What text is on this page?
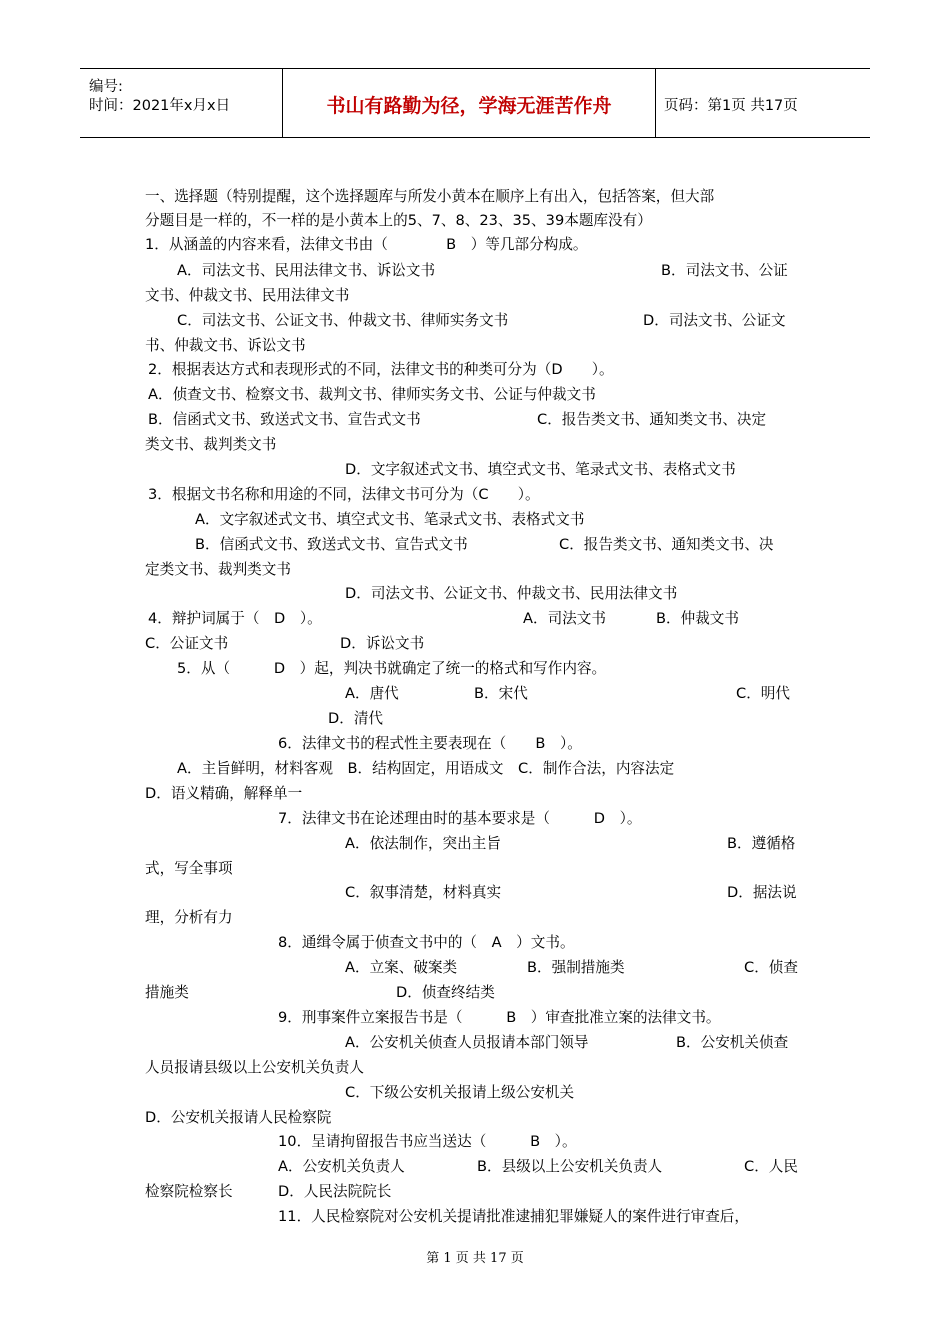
编号:
时间：2021年x月x日	书山有路勤为径，学海无涯苦作舟	页码：第1页 共17页
一、选择题（特别提醒，这个选择题库与所发小黄本在顺序上有出入，包括答案，但大部
分题目是一样的，不一样的是小黄本上的5、7、8、23、35、39本题库没有）
1．从涵盖的内容来看，法律文书由（　　　　B　）等几部分构成。
A．司法文书、民用法律文书、诉讼文书	B．司法文书、公证
文书、仲裁文书、民用法律文书
C．司法文书、公证文书、仲裁文书、律师实务文书	D．司法文书、公证文
书、仲裁文书、诉讼文书
2．根据表达方式和表现形式的不同，法律文书的种类可分为（D　　）。
A．侦查文书、检察文书、裁判文书、律师实务文书、公证与仲裁文书
B．信函式文书、致送式文书、宣告式文书	C．报告类文书、通知类文书、决定
类文书、裁判类文书
D．文字叙述式文书、填空式文书、笔录式文书、表格式文书
3．根据文书名称和用途的不同，法律文书可分为（C　　）。
A．文字叙述式文书、填空式文书、笔录式文书、表格式文书
B．信函式文书、致送式文书、宣告式文书	C．报告类文书、通知类文书、决
定类文书、裁判类文书
D．司法文书、公证文书、仲裁文书、民用法律文书
4．辩护词属于（　D　）。	A．司法文书	B．仲裁文书
C．公证文书	D．诉讼文书
5．从（　　　D　）起，判决书就确定了统一的格式和写作内容。
A．唐代	B．宋代	C．明代
D．清代
6．法律文书的程式性主要表现在（　　B　）。
A．主旨鲜明，材料客观　B．结构固定，用语成文　C．制作合法，内容法定
D．语义精确，解释单一
7．法律文书在论述理由时的基本要求是（　　　D　）。
A．依法制作，突出主旨	B．遵循格
式，写全事项
C．叙事清楚，材料真实	D．据法说
理，分析有力
8．通缉令属于侦查文书中的（　A　）文书。
A．立案、破案类	B．强制措施类	C．侦查
措施类	D．侦查终结类
9．刑事案件立案报告书是（　　　B　）审查批准立案的法律文书。
A．公安机关侦查人员报请本部门领导	B．公安机关侦查
人员报请县级以上公安机关负责人
C．下级公安机关报请上级公安机关
D．公安机关报请人民检察院
10．呈请拘留报告书应当送达（　　　B　）。
A．公安机关负责人	B．县级以上公安机关负责人	C．人民
检察院检察长	D．人民法院院长
11．人民检察院对公安机关提请批准逮捕犯罪嫌疑人的案件进行审查后，
第 1 页 共 17 页
